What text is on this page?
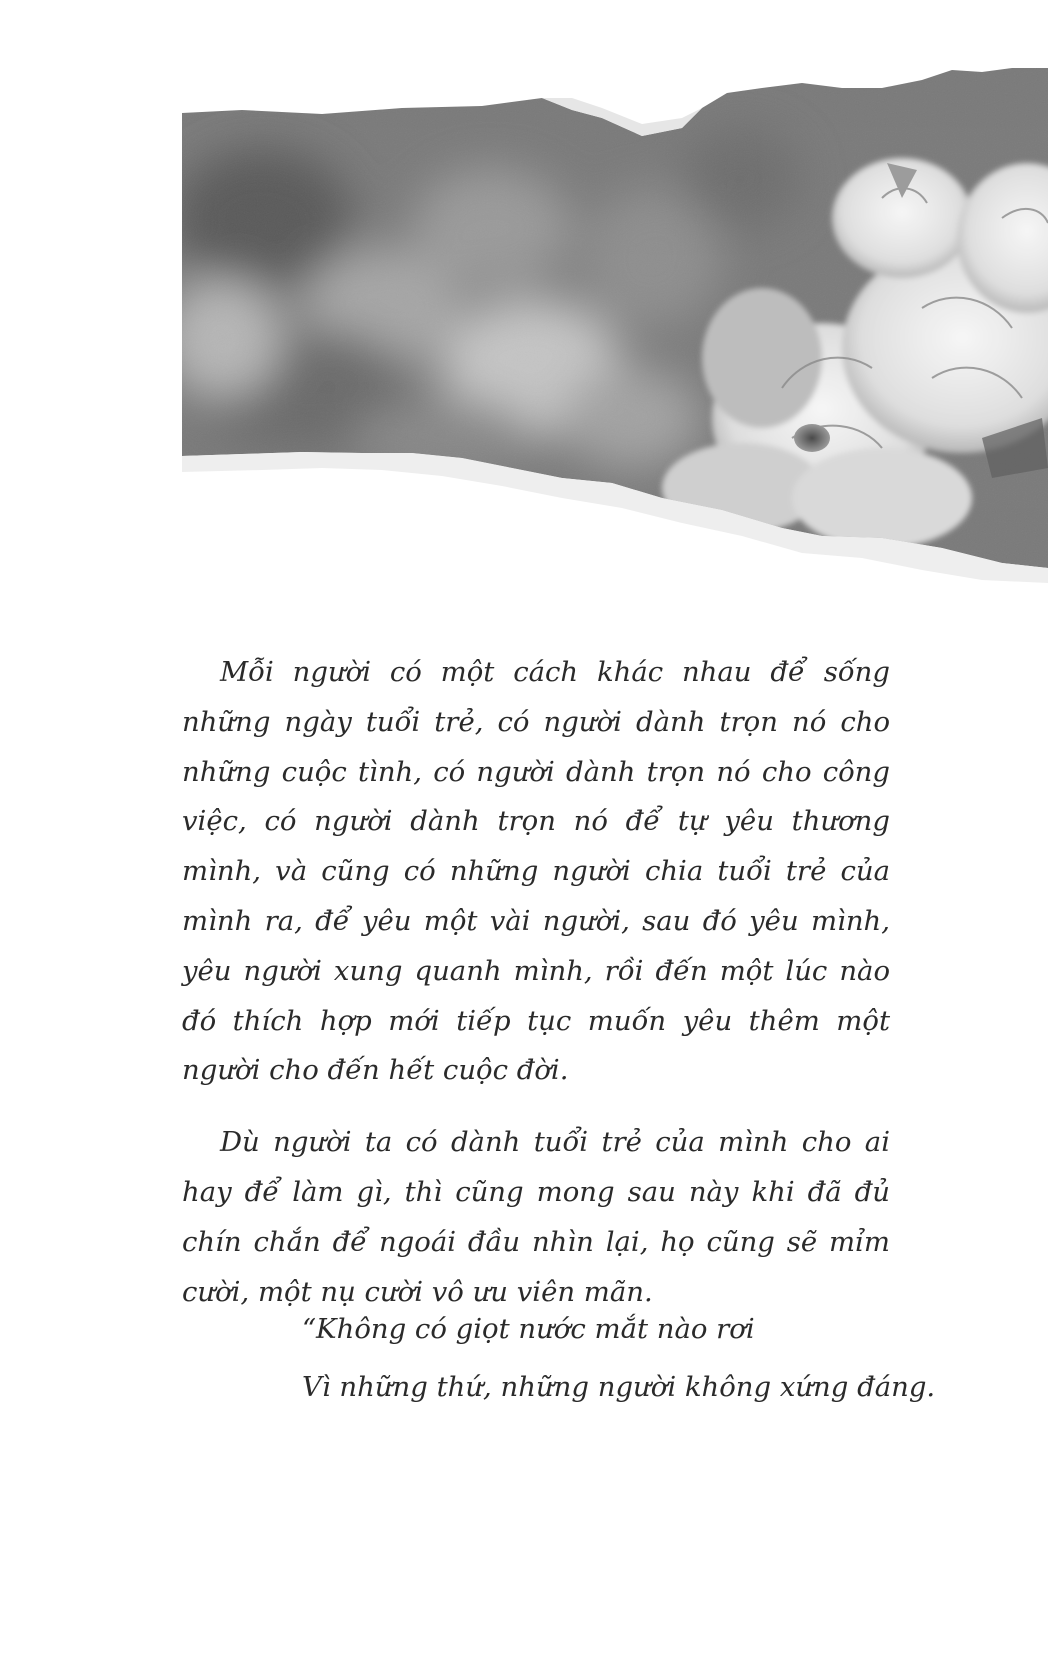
Mỗi người có một cách khác nhau để sống những ngày tuổi trẻ, có người dành trọn nó cho những cuộc tình, có người dành trọn nó cho công việc, có người dành trọn nó để tự yêu thương mình, và cũng có những người chia tuổi trẻ của mình ra, để yêu một vài người, sau đó yêu mình, yêu người xung quanh mình, rồi đến một lúc nào đó thích hợp mới tiếp tục muốn yêu thêm một người cho đến hết cuộc đời.

Dù người ta có dành tuổi trẻ của mình cho ai hay để làm gì, thì cũng mong sau này khi đã đủ chín chắn để ngoái đầu nhìn lại, họ cũng sẽ mỉm cười, một nụ cười vô ưu viên mãn.

“Không có giọt nước mắt nào rơi
Vì những thứ, những người không xứng đáng.
